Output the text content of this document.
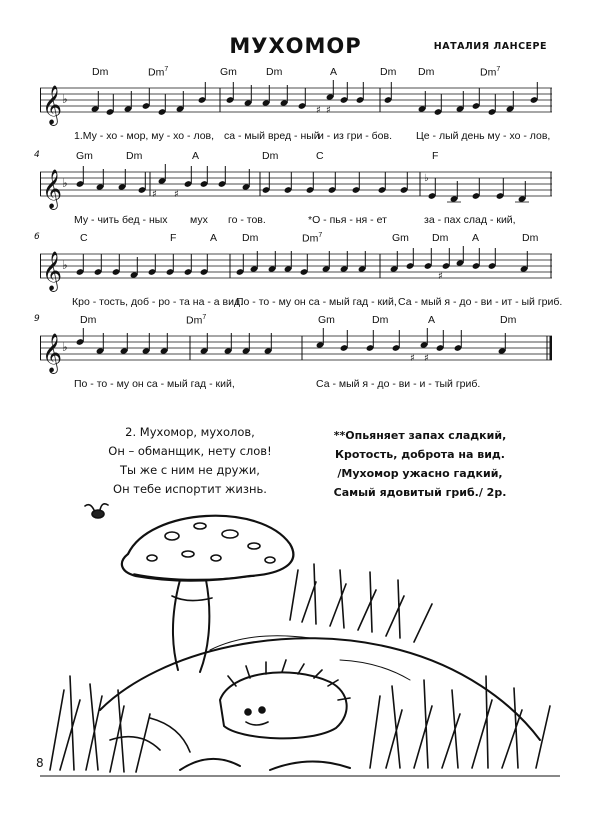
МУХОМОР	НАТАЛИЯ ЛАНСЕРЕ
Dm	Dm$^7$	Gm	Dm	A	Dm Dm	Dm$^7$
𝄞 ♭
♯ ♯
1.Му - хо - мор, му - хо - лов, са - мый вред - ный
и - из гри - бов. Це - лый день му - хо - лов,
4	Gm	Dm	A	Dm	C	F
𝄞 ♭
♯ ♯
♭
Му - чить бед - ных мух го - тов.	*О - пья - ня - ет	за - пах слад - кий,
6	C	F	A Dm	Dm$^7$	Gm Dm A	Dm
𝄞 ♭
♯
Кро - тость, доб - ро - та на - а вид.
По - то - му он са - мый гад - кий, Са - мый я - до - ви - ит - ый гриб.
9	Dm	Dm$^7$	Gm	Dm	A	Dm
𝄞 ♭
♯ ♯
По - то - му он са - мый гад - кий,	Са - мый я - до - ви - и - тый гриб.
2. Мухомор, мухолов,
Он – обманщик, нету слов!
Ты же с ним не дружи,
Он тебе испортит жизнь.
**Опьяняет запах сладкий,
Кротость, доброта на вид.
/Мухомор ужасно гадкий,
Самый ядовитый гриб./ 2р.
8
